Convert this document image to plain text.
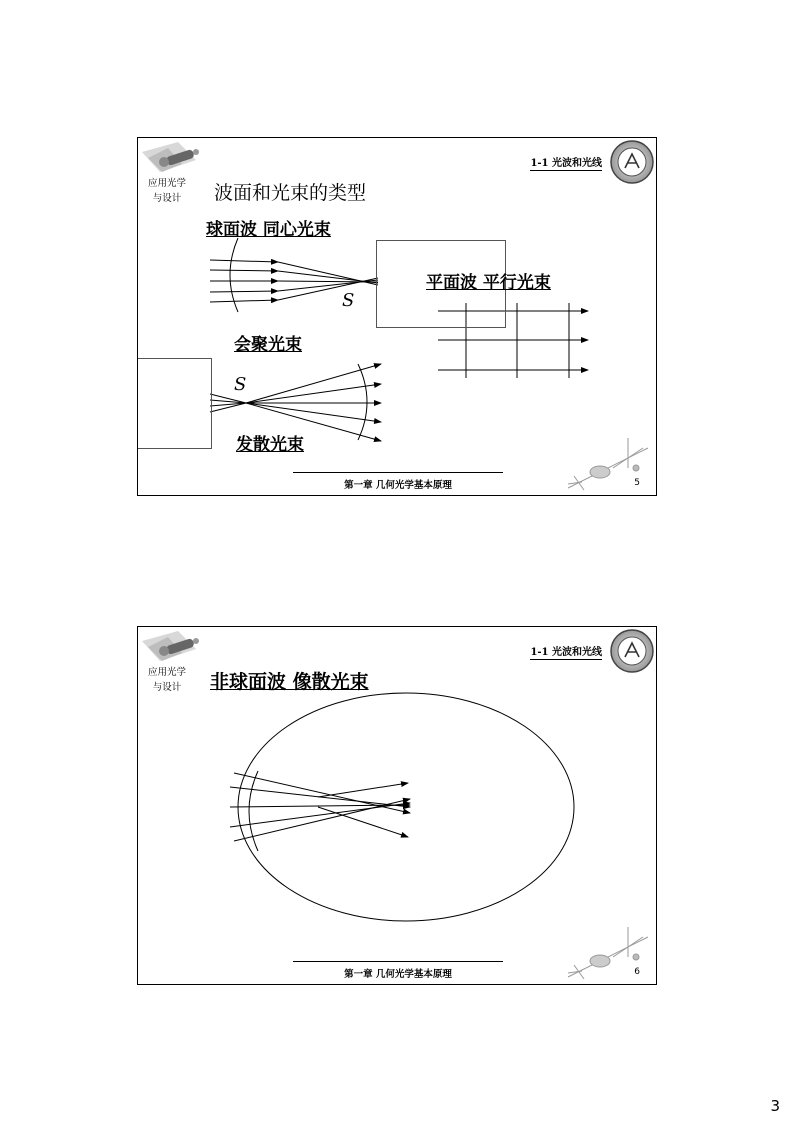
应用光学
与设计
1-1 光波和光线
波面和光束的类型
球面波 同心光束
S
平面波 平行光束
会聚光束
S
发散光束
第一章 几何光学基本原理	5
应用光学
与设计
1-1 光波和光线
非球面波 像散光束
第一章 几何光学基本原理	6
3
